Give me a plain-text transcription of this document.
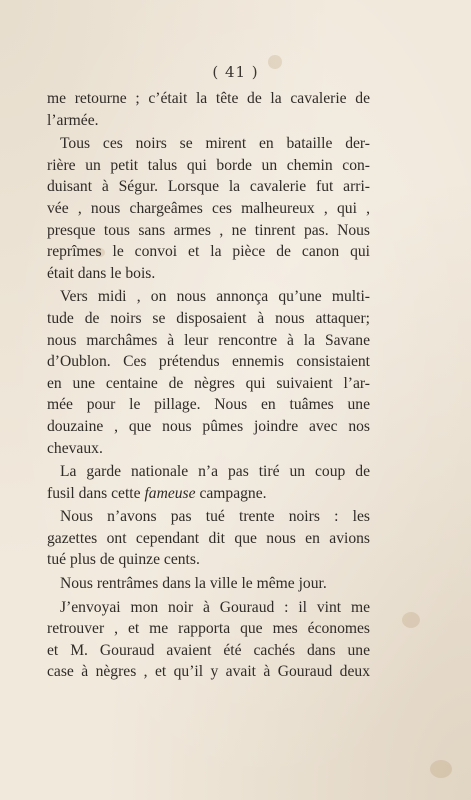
( 41 )
me retourne ; c’était la tête de la cavalerie de
l’armée.
Tous ces noirs se mirent en bataille der-
rière un petit talus qui borde un chemin con-
duisant à Ségur. Lorsque la cavalerie fut arri-
vée , nous chargeâmes ces malheureux , qui ,
presque tous sans armes , ne tinrent pas. Nous
reprîmes le convoi et la pièce de canon qui
était dans le bois.
Vers midi , on nous annonça qu’une multi-
tude de noirs se disposaient à nous attaquer;
nous marchâmes à leur rencontre à la Savane
d’Oublon. Ces prétendus ennemis consistaient
en une centaine de nègres qui suivaient l’ar-
mée pour le pillage. Nous en tuâmes une
douzaine , que nous pûmes joindre avec nos
chevaux.
La garde nationale n’a pas tiré un coup de
fusil dans cette fameuse campagne.
Nous n’avons pas tué trente noirs : les
gazettes ont cependant dit que nous en avions
tué plus de quinze cents.
Nous rentrâmes dans la ville le même jour.
J’envoyai mon noir à Gouraud : il vint me
retrouver , et me rapporta que mes économes
et M. Gouraud avaient été cachés dans une
case à nègres , et qu’il y avait à Gouraud deux
